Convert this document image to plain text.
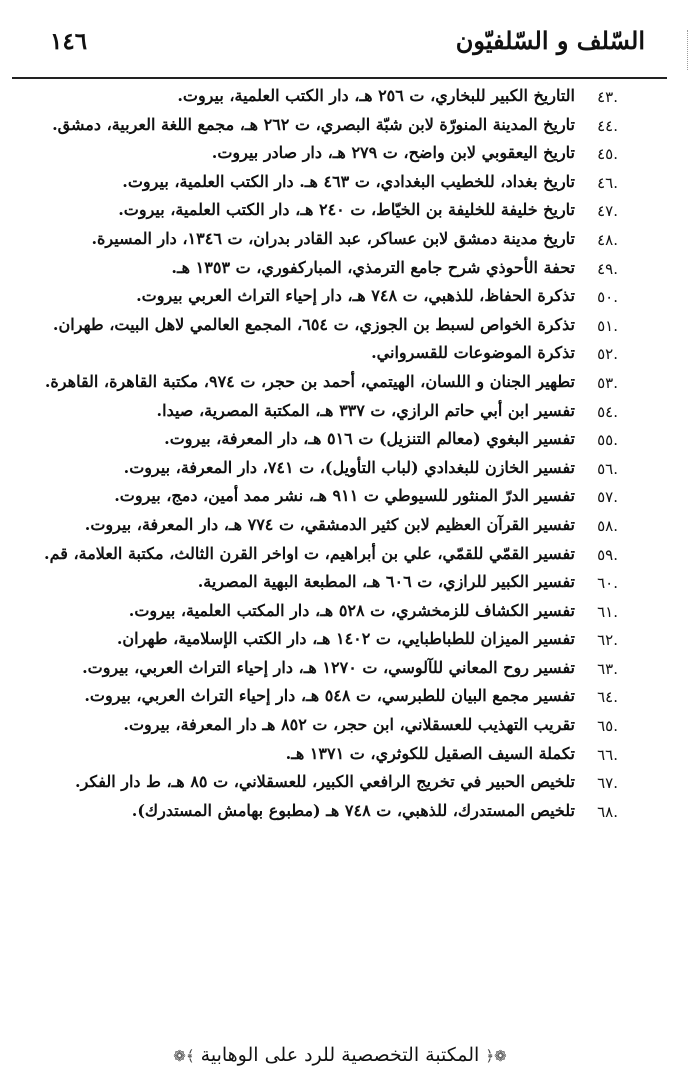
السّلف و السّلفيّون
١٤٦
.٤٣
التاريخ الكبير للبخاري، ت ٢٥٦ هـ، دار الكتب العلمية، بيروت.
.٤٤
تاريخ المدينة المنورّة لابن شبّة البصري، ت ٢٦٢ هـ، مجمع اللغة العربية، دمشق.
.٤٥
تاريخ اليعقوبي لابن واضح، ت ٢٧٩ هـ، دار صادر بيروت.
.٤٦
تاريخ بغداد، للخطيب البغدادي، ت ٤٦٣ هـ. دار الكتب العلمية، بيروت.
.٤٧
تاريخ خليفة للخليفة بن الخيّاط، ت ٢٤٠ هـ، دار الكتب العلمية، بيروت.
.٤٨
تاريخ مدينة دمشق لابن عساكر، عبد القادر بدران، ت ١٣٤٦، دار المسيرة.
.٤٩
تحفة الأحوذي شرح جامع الترمذي، المباركفوري، ت ١٣٥٣ هـ.
.٥٠
تذكرة الحفاظ، للذهبي، ت ٧٤٨ هـ، دار إحياء التراث العربي بيروت.
.٥١
تذكرة الخواص لسبط بن الجوزي، ت ٦٥٤، المجمع العالمي لاهل البيت، طهران.
.٥٢
تذكرة الموضوعات للقسرواني.
.٥٣
تطهير الجنان و اللسان، الهيتمي، أحمد بن حجر، ت ٩٧٤، مكتبة القاهرة، القاهرة.
.٥٤
تفسير ابن أبي حاتم الرازي، ت ٣٣٧ هـ، المكتبة المصرية، صيدا.
.٥٥
تفسير البغوي (معالم التنزيل) ت ٥١٦ هـ، دار المعرفة، بيروت.
.٥٦
تفسير الخازن للبغدادي (لباب التأويل)، ت ٧٤١، دار المعرفة، بيروت.
.٥٧
تفسير الدرّ المنثور للسيوطي ت ٩١١ هـ، نشر ممد أمين، دمج، بيروت.
.٥٨
تفسير القرآن العظيم لابن كثير الدمشقي، ت ٧٧٤ هـ، دار المعرفة، بيروت.
.٥٩
تفسير القمّي للقمّي، علي بن أبراهيم، ت اواخر القرن الثالث، مكتبة العلامة، قم.
.٦٠
تفسير الكبير للرازي، ت ٦٠٦ هـ، المطبعة البهية المصرية.
.٦١
تفسير الكشاف للزمخشري، ت ٥٢٨ هـ، دار المكتب العلمية، بيروت.
.٦٢
تفسير الميزان للطباطبايي، ت ١٤٠٢ هـ، دار الكتب الإسلامية، طهران.
.٦٣
تفسير روح المعاني للآلوسي، ت ١٢٧٠ هـ، دار إحياء التراث العربي، بيروت.
.٦٤
تفسير مجمع البيان للطبرسي، ت ٥٤٨ هـ، دار إحياء التراث العربي، بيروت.
.٦٥
تقريب التهذيب للعسقلاني، ابن حجر، ت ٨٥٢ هـ دار المعرفة، بيروت.
.٦٦
تكملة السيف الصقيل للكوثري، ت ١٣٧١ هـ.
.٦٧
تلخيص الحبير في تخريج الرافعي الكبير، للعسقلاني، ت ٨٥ هـ، ط دار الفكر.
.٦٨
تلخيص المستدرك، للذهبي، ت ٧٤٨ هـ (مطبوع بهامش المستدرك).
❁﴿ المكتبة التخصصية للرد على الوهابية ﴾❁
